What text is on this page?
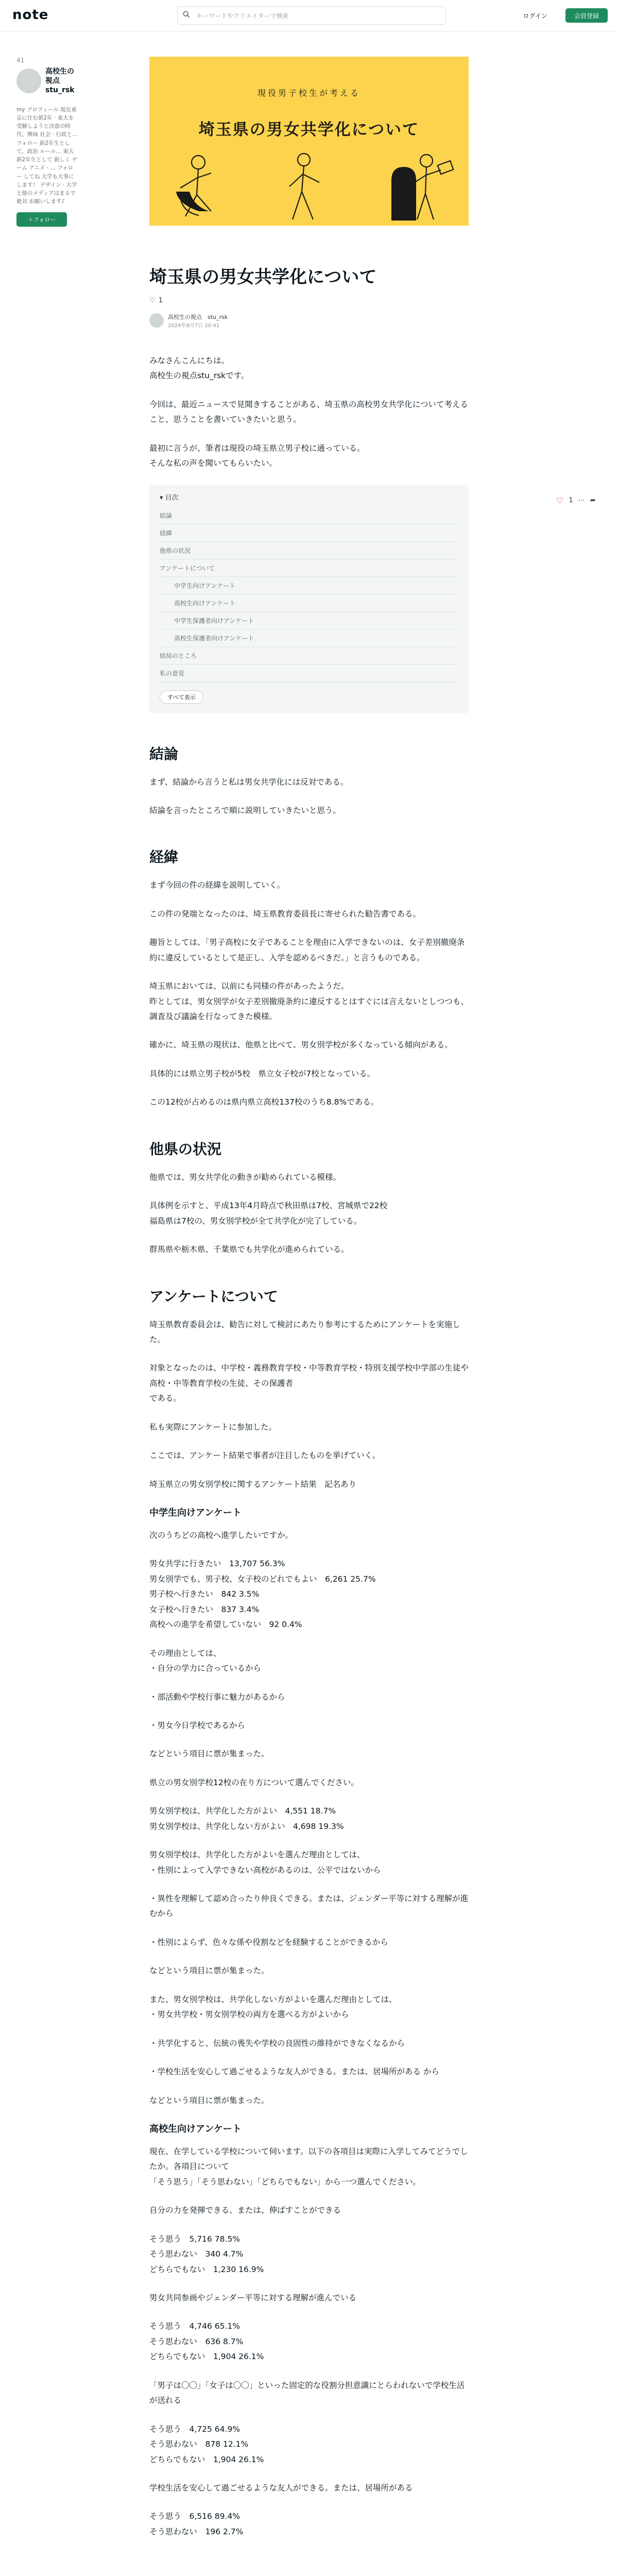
note
キーワードやクリエイターで検索	ログイン	会員登録
41
高校生の視点
stu_rsk
my プロフィール 現在東京に住む新2年 · 東大を受験しようと決意の時代、興味 社会 · 行政と… フォロー 新2年生として、政治 ルール… 東大 新2年生として 新しく ゲーム アニメ · … フォロー してね 大学も大事にします！ デザイン · 大学と他のメディアはまるで 絶対 お願いします♪
＋フォロー
現役男子校生が考える
埼玉県の男女共学化について
♡ 1 ⋯ ➦
埼玉県の男女共学化について
♡ 1
高校生の視点　 stu_rsk
2024年8月7日 20:41

みなさんこんにちは。
高校生の視点stu_rskです。

今回は、最近ニュースで見聞きすることがある、埼玉県の高校男女共学化について考えること、思うことを書いていきたいと思う。

最初に言うが、筆者は現役の埼玉県立男子校に通っている。
そんな私の声を聞いてもらいたい。

▾ 目次
結論
経緯
他県の状況
アンケートについて
中学生向けアンケート
高校生向けアンケート
中学生保護者向けアンケート
高校生保護者向けアンケート
結局のところ
私の意見
すべて表示
結論

まず、結論から言うと私は男女共学化には反対である。

結論を言ったところで順に説明していきたいと思う。

経緯

まず今回の件の経緯を説明していく。

この件の発端となったのは、埼玉県教育委員長に寄せられた勧告書である。

趣旨としては、「男子高校に女子であることを理由に入学できないのは、女子差別撤廃条約に違反しているとして是正し、入学を認めるべきだ。」と言うものである。

埼玉県においては、以前にも同様の件があったようだ。
昨としては、男女別学が女子差別撤廃条約に違反するとはすぐには言えないとしつつも、調査及び議論を行なってきた模様。

確かに、埼玉県の現状は、他県と比べて、男女別学校が多くなっている傾向がある。

具体的には県立男子校が5校　県立女子校が7校となっている。

この12校が占めるのは県内県立高校137校のうち8.8%である。

他県の状況

他県では、男女共学化の動きが勧められている模様。

具体例を示すと、平成13年4月時点で秋田県は7校、宮城県で22校
福島県は7校の、男女別学校が全て共学化が完了している。

群馬県や栃木県、千葉県でも共学化が進められている。

アンケートについて

埼玉県教育委員会は、勧告に対して検討にあたり参考にするためにアンケートを実施した。

対象となったのは、中学校・義務教育学校・中等教育学校・特別支援学校中学部の生徒や高校・中等教育学校の生徒、その保護者
である。

私も実際にアンケートに参加した。

ここでは、アンケート結果で事者が注目したものを挙げていく。

埼玉県立の男女別学校に関するアンケート結果　記名あり

中学生向けアンケート

次のうちどの高校へ進学したいですか。

男女共学に行きたい　13,707 56.3%
男女別学でも、男子校、女子校のどれでもよい　6,261 25.7%
男子校へ行きたい　842 3.5%
女子校へ行きたい　837 3.4%
高校への進学を希望していない　92 0.4%

その理由としては、
・自分の学力に合っているから

・部活動や学校行事に魅力があるから

・男女今日学校であるから

などという項目に票が集まった。

県立の男女別学校12校の在り方について選んでください。

男女別学校は、共学化した方がよい　4,551 18.7%
男女別学校は、共学化しない方がよい　4,698 19.3%

男女別学校は、共学化した方がよいを選んだ理由としては、
・性別によって入学できない高校があるのは、公平ではないから

・異性を理解して認め合ったり仲良くできる。または、ジェンダー平等に対する理解が進むから

・性別によらず、色々な係や役割などを経験することができるから

などという項目に票が集まった。

また、男女別学校は、共学化しない方がよいを選んだ理由としては、
・男女共学校・男女別学校の両方を選べる方がよいから

・共学化すると、伝統の喪失や学校の良固性の維持ができなくなるから

・学校生活を安心して過ごせるような友人ができる。または、居場所がある から

などという項目に票が集まった。

高校生向けアンケート

現在、在学している学校について伺います。以下の各項目は実際に入学してみてどうでしたか。各項目について
「そう思う」「そう思わない」「どちらでもない」から一つ選んでください。

自分の力を発揮できる、または、伸ばすことができる

そう思う　5,716 78.5%
そう思わない　340 4.7%
どちらでもない　1,230 16.9%

男女共同参画やジェンダー平等に対する理解が進んでいる

そう思う　4,746 65.1%
そう思わない　636 8.7%
どちらでもない　1,904 26.1%

「男子は〇〇」「女子は〇〇」といった固定的な役割分担意識にとらわれないで学校生活が送れる

そう思う　4,725 64.9%
そう思わない　878 12.1%
どちらでもない　1,904 26.1%

学校生活を安心して過ごせるような友人ができる。または、居場所がある

そう思う　6,516 89.4%
そう思わない　196 2.7%
